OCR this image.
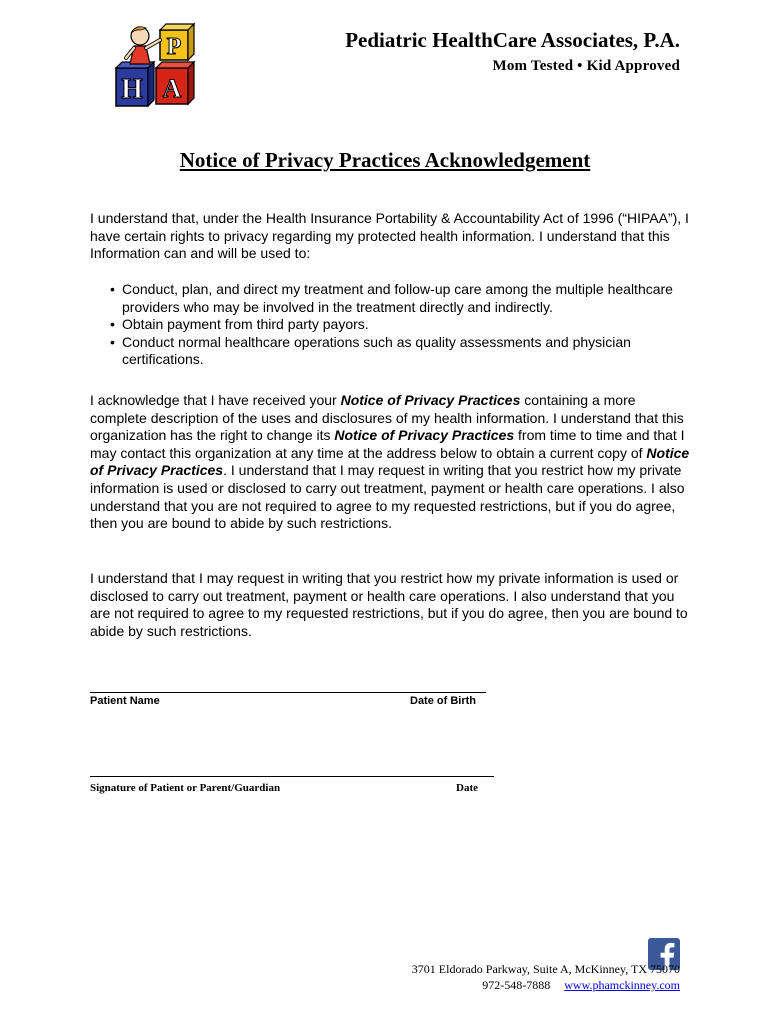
H A
P	Pediatric HealthCare Associates, P.A.
Mom Tested • Kid Approved
Notice of Privacy Practices Acknowledgement

I understand that, under the Health Insurance Portability & Accountability Act of 1996 (“HIPAA”), I have certain rights to privacy regarding my protected health information. I understand that this Information can and will be used to:

• Conduct, plan, and direct my treatment and follow-up care among the multiple healthcare providers who may be involved in the treatment directly and indirectly.
• Obtain payment from third party payors.
• Conduct normal healthcare operations such as quality assessments and physician certifications.

I acknowledge that I have received your Notice of Privacy Practices containing a more complete description of the uses and disclosures of my health information. I understand that this organization has the right to change its Notice of Privacy Practices from time to time and that I may contact this organization at any time at the address below to obtain a current copy of Notice of Privacy Practices. I understand that I may request in writing that you restrict how my private information is used or disclosed to carry out treatment, payment or health care operations. I also understand that you are not required to agree to my requested restrictions, but if you do agree, then you are bound to abide by such restrictions.

I understand that I may request in writing that you restrict how my private information is used or disclosed to carry out treatment, payment or health care operations. I also understand that you are not required to agree to my requested restrictions, but if you do agree, then you are bound to abide by such restrictions.

Patient Name	Date of Birth
Signature of Patient or Parent/Guardian	Date
3701 Eldorado Parkway, Suite A, McKinney, TX 75070
972-548-7888 www.phamckinney.com
